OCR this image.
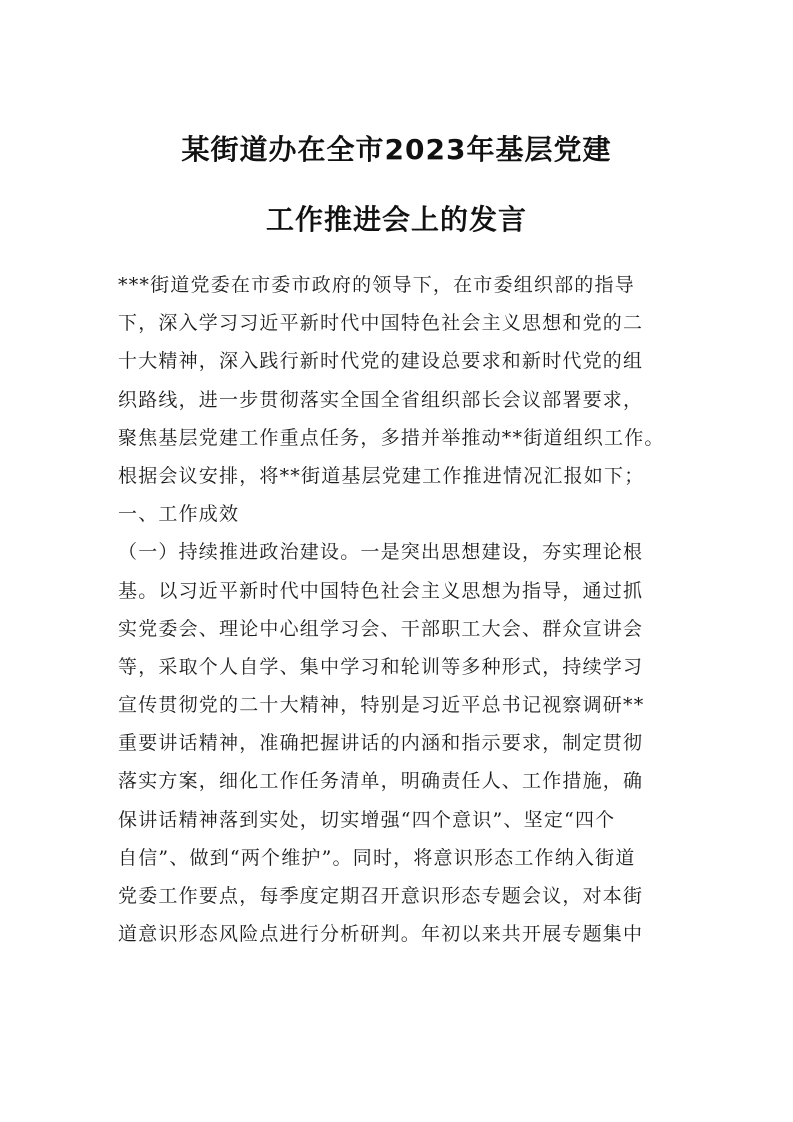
某街道办在全市2023年基层党建
工作推进会上的发言
***街道党委在市委市政府的领导下，在市委组织部的指导
下，深入学习习近平新时代中国特色社会主义思想和党的二
十大精神，深入践行新时代党的建设总要求和新时代党的组
织路线，进一步贯彻落实全国全省组织部长会议部署要求，
聚焦基层党建工作重点任务，多措并举推动**街道组织工作。
根据会议安排，将**街道基层党建工作推进情况汇报如下；
一、工作成效
（一）持续推进政治建设。一是突出思想建设，夯实理论根
基。以习近平新时代中国特色社会主义思想为指导，通过抓
实党委会、理论中心组学习会、干部职工大会、群众宣讲会
等，采取个人自学、集中学习和轮训等多种形式，持续学习
宣传贯彻党的二十大精神，特别是习近平总书记视察调研**
重要讲话精神，准确把握讲话的内涵和指示要求，制定贯彻
落实方案，细化工作任务清单，明确责任人、工作措施，确
保讲话精神落到实处，切实增强“四个意识”、坚定“四个
自信”、做到“两个维护”。同时，将意识形态工作纳入街道
党委工作要点，每季度定期召开意识形态专题会议，对本街
道意识形态风险点进行分析研判。年初以来共开展专题集中
